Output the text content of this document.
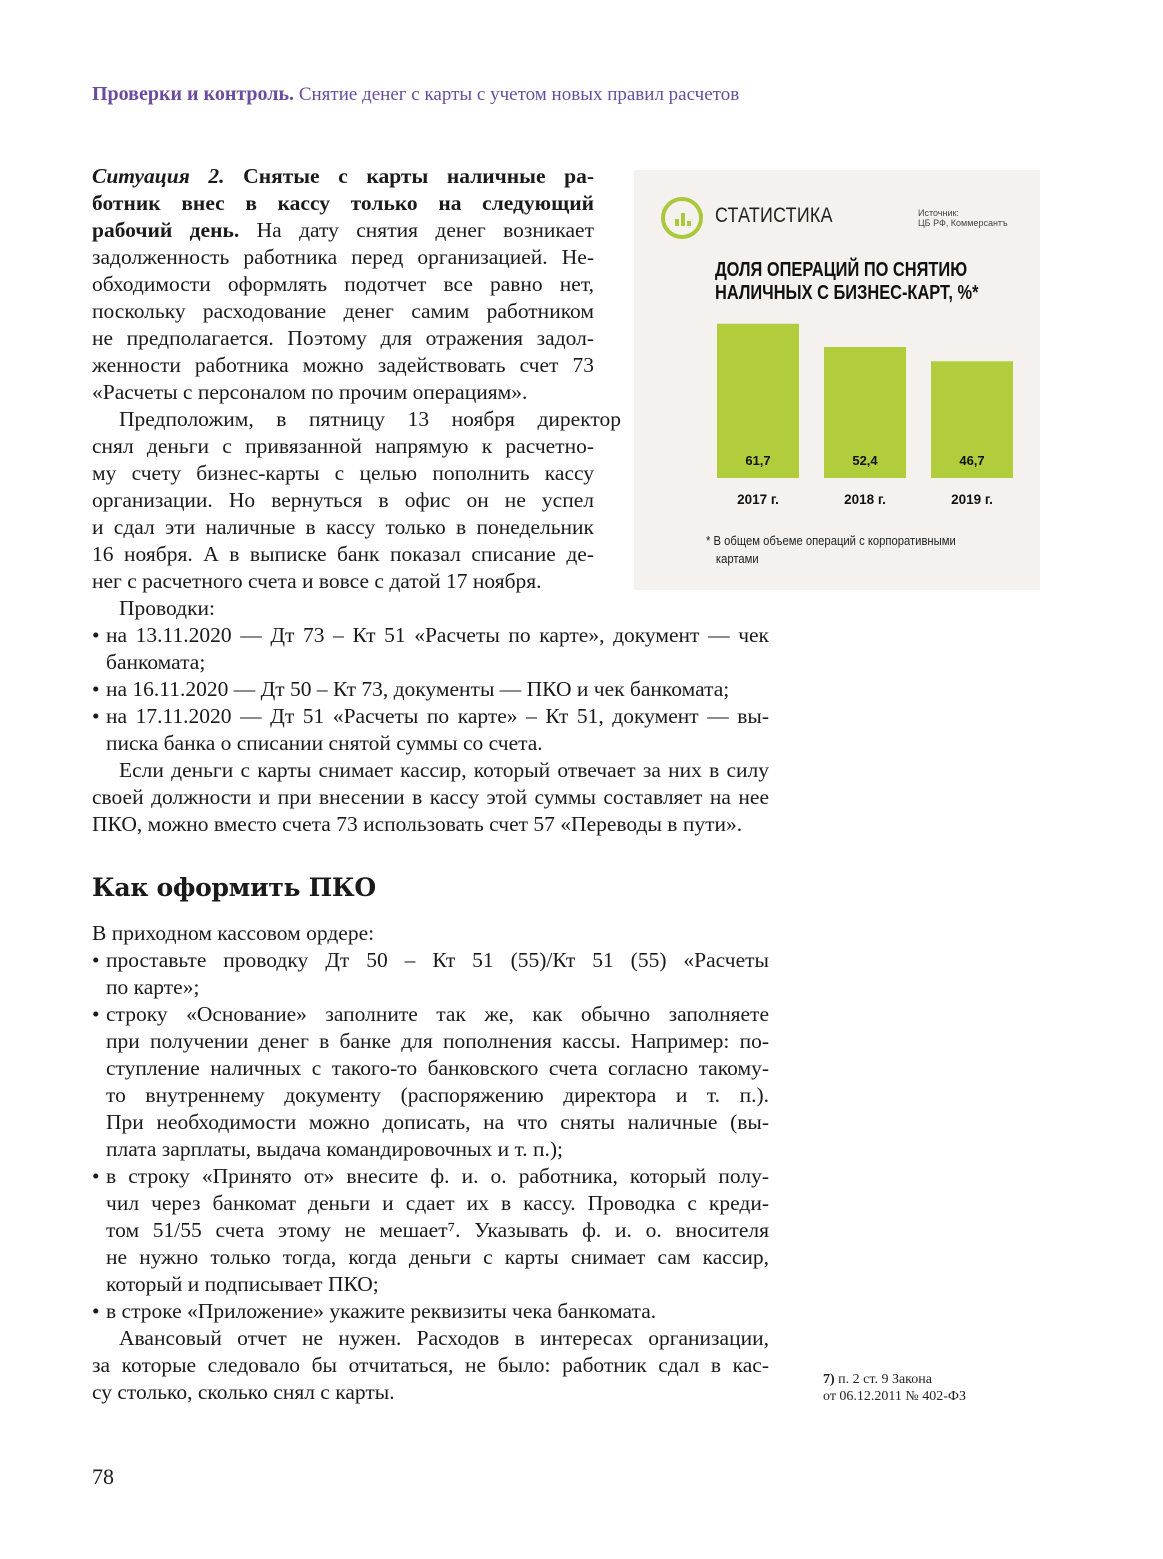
Проверки и контроль. Снятие денег с карты с учетом новых правил расчетов
Ситуация 2. Снятые с карты наличные ра-
ботник внес в кассу только на следующий
рабочий день. На дату снятия денег возникает
задолженность работника перед организацией. Не-
обходимости оформлять подотчет все равно нет,
поскольку расходование денег самим работником
не предполагается. Поэтому для отражения задол-
женности работника можно задействовать счет 73
«Расчеты с персоналом по прочим операциям».
Предположим, в пятницу 13 ноября директор
снял деньги с привязанной напрямую к расчетно-
му счету бизнес-карты с целью пополнить кассу
организации. Но вернуться в офис он не успел
и сдал эти наличные в кассу только в понедельник
16 ноября. А в выписке банк показал списание де-
нег с расчетного счета и вовсе с датой 17 ноября.
Проводки:
• на 13.11.2020 — Дт 73 – Кт 51 «Расчеты по карте», документ — чек
банкомата;
• на 16.11.2020 — Дт 50 – Кт 73, документы — ПКО и чек банкомата;
• на 17.11.2020 — Дт 51 «Расчеты по карте» – Кт 51, документ — вы-
писка банка о списании снятой суммы со счета.
Если деньги с карты снимает кассир, который отвечает за них в силу
своей должности и при внесении в кассу этой суммы составляет на нее
ПКО, можно вместо счета 73 использовать счет 57 «Переводы в пути».
Как оформить ПКО
В приходном кассовом ордере:
• проставьте проводку Дт 50 – Кт 51 (55)/Кт 51 (55) «Расчеты
по карте»;
• строку «Основание» заполните так же, как обычно заполняете
при получении денег в банке для пополнения кассы. Например: по-
ступление наличных с такого-то банковского счета согласно такому-
то внутреннему документу (распоряжению директора и т. п.).
При необходимости можно дописать, на что сняты наличные (вы-
плата зарплаты, выдача командировочных и т. п.);
• в строку «Принято от» внесите ф. и. о. работника, который полу-
чил через банкомат деньги и сдает их в кассу. Проводка с креди-
том 51/55 счета этому не мешает⁷. Указывать ф. и. о. вносителя
не нужно только тогда, когда деньги с карты снимает сам кассир,
который и подписывает ПКО;
• в строке «Приложение» укажите реквизиты чека банкомата.
Авансовый отчет не нужен. Расходов в интересах организации,
за которые следовало бы отчитаться, не было: работник сдал в кас-
су столько, сколько снял с карты.
СТАТИСТИКА	Источник:
ЦБ РФ, Коммерсантъ
ДОЛЯ ОПЕРАЦИЙ ПО СНЯТИЮ
НАЛИЧНЫХ С БИЗНЕС-КАРТ, %*
61,7
2017 г.
52,4
2018 г.
46,7
2019 г.
* В общем объеме операций с корпоративными
картами
7) п. 2 ст. 9 Закона
от 06.12.2011 № 402-ФЗ
78
